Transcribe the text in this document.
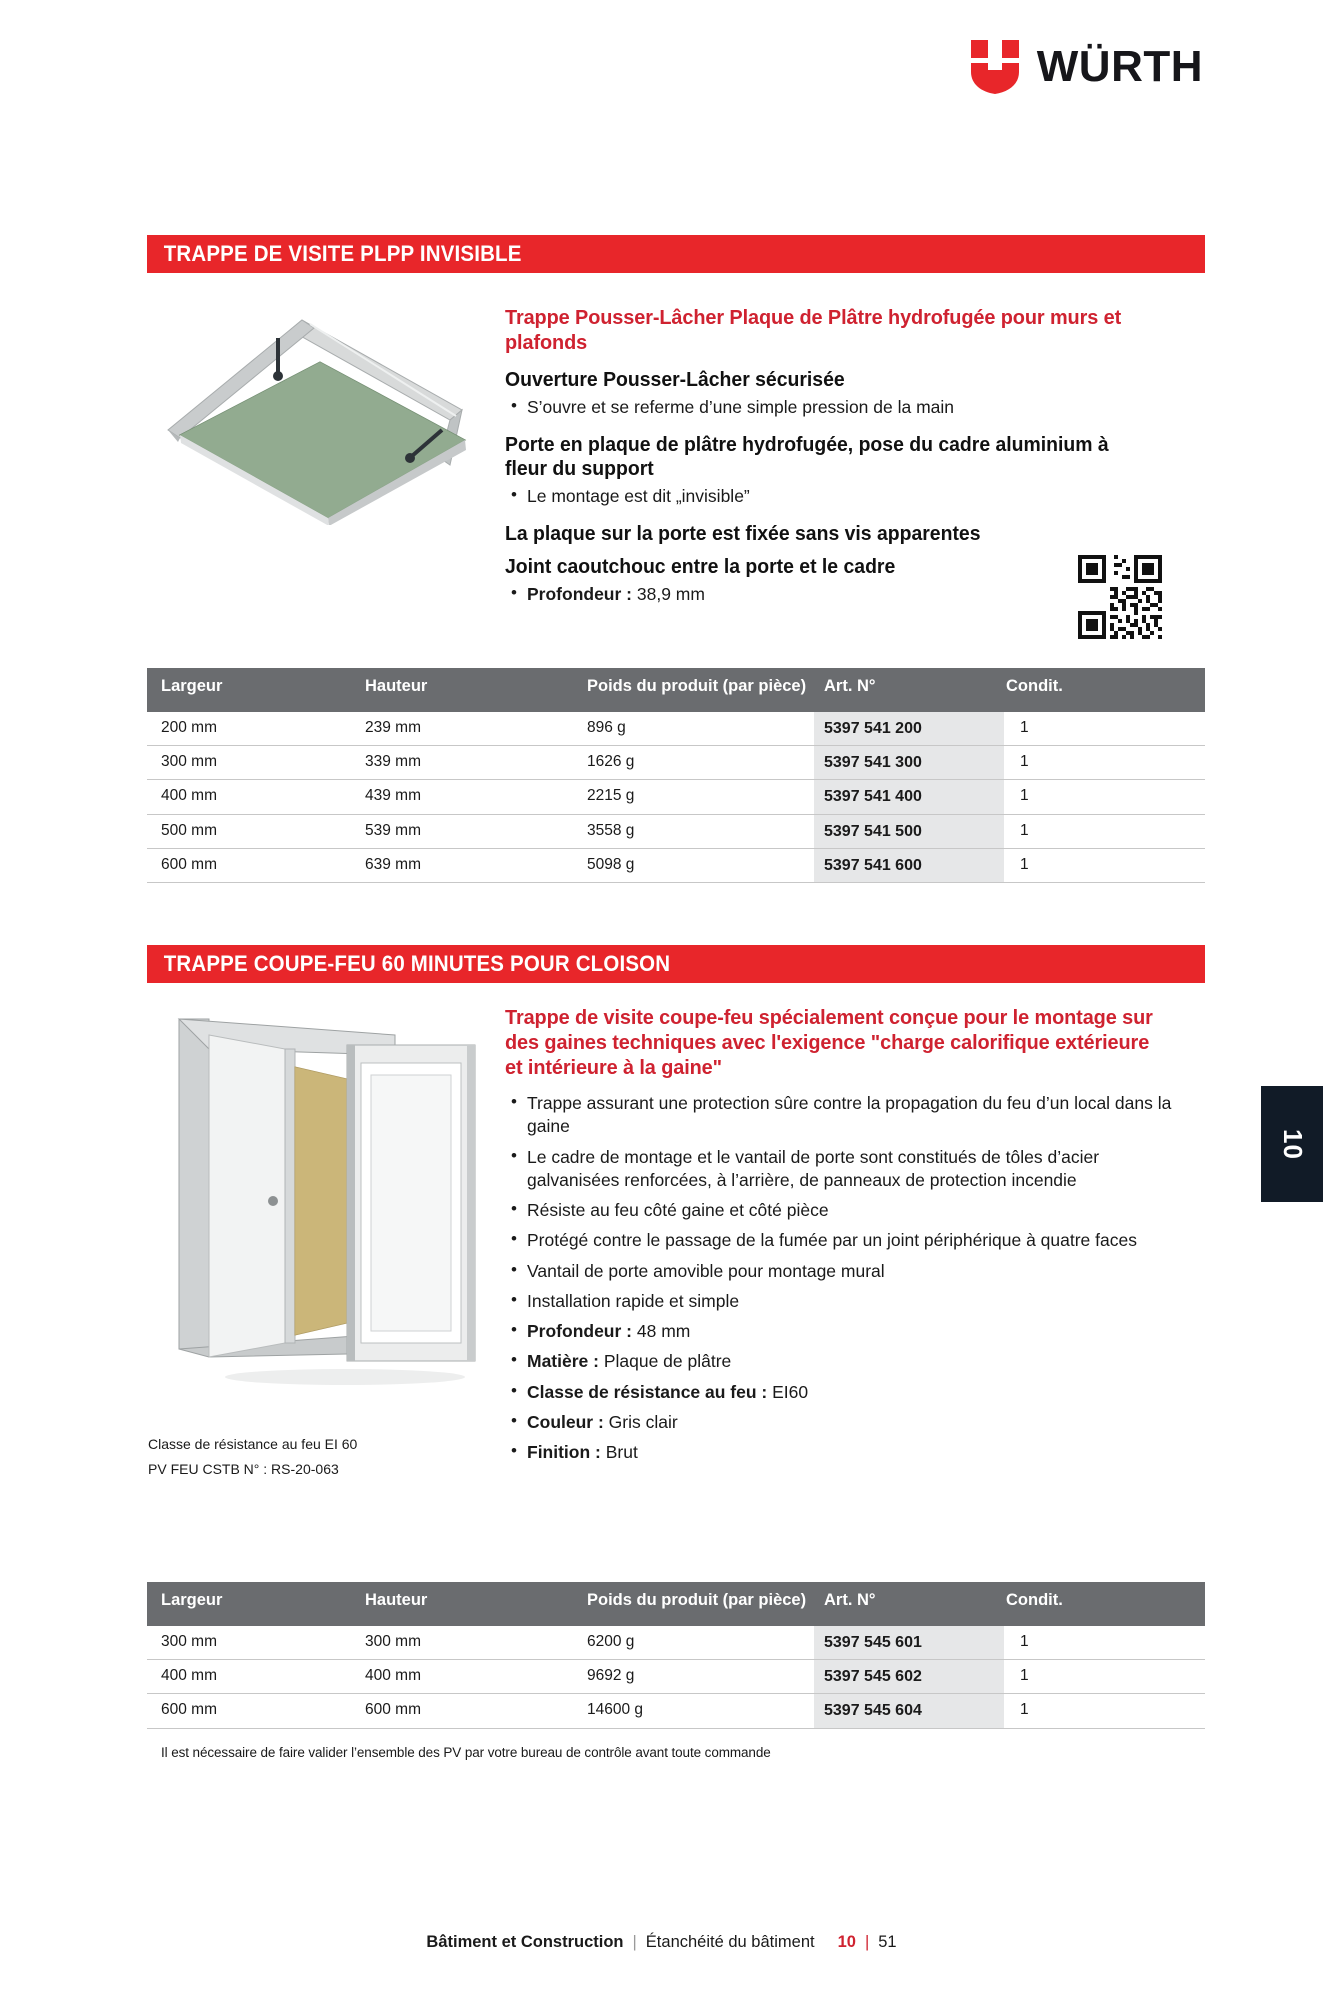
WÜRTH
TRAPPE DE VISITE PLPP INVISIBLE
Trappe Pousser-Lâcher Plaque de Plâtre hydrofugée pour murs et plafonds
Ouverture Pousser-Lâcher sécurisée
• S’ouvre et se referme d’une simple pression de la main
Porte en plaque de plâtre hydrofugée, pose du cadre aluminium à fleur du support
• Le montage est dit „invisible”
La plaque sur la porte est fixée sans vis apparentes
Joint caoutchouc entre la porte et le cadre
• Profondeur : 38,9 mm
Largeur	Hauteur	Poids du produit (par pièce)	Art. N°	Condit.
200 mm	239 mm	896 g	5397 541 200	1
300 mm	339 mm	1626 g	5397 541 300	1
400 mm	439 mm	2215 g	5397 541 400	1
500 mm	539 mm	3558 g	5397 541 500	1
600 mm	639 mm	5098 g	5397 541 600	1
TRAPPE COUPE-FEU 60 MINUTES POUR CLOISON
Classe de résistance au feu EI 60
PV FEU CSTB N° : RS-20-063
Trappe de visite coupe-feu spécialement conçue pour le montage sur des gaines techniques avec l'exigence "charge calorifique extérieure et intérieure à la gaine"
• Trappe assurant une protection sûre contre la propagation du feu d’un local dans la gaine
• Le cadre de montage et le vantail de porte sont constitués de tôles d’acier galvanisées renforcées, à l’arrière, de panneaux de protection incendie
• Résiste au feu côté gaine et côté pièce
• Protégé contre le passage de la fumée par un joint périphérique à quatre faces
• Vantail de porte amovible pour montage mural
• Installation rapide et simple
• Profondeur : 48 mm
• Matière : Plaque de plâtre
• Classe de résistance au feu : EI60
• Couleur : Gris clair
• Finition : Brut
10
Largeur	Hauteur	Poids du produit (par pièce)	Art. N°	Condit.
300 mm	300 mm	6200 g	5397 545 601	1
400 mm	400 mm	9692 g	5397 545 602	1
600 mm	600 mm	14600 g	5397 545 604	1
Il est nécessaire de faire valider l’ensemble des PV par votre bureau de contrôle avant toute commande
Bâtiment et Construction | Étanchéité du bâtiment 10 | 51
